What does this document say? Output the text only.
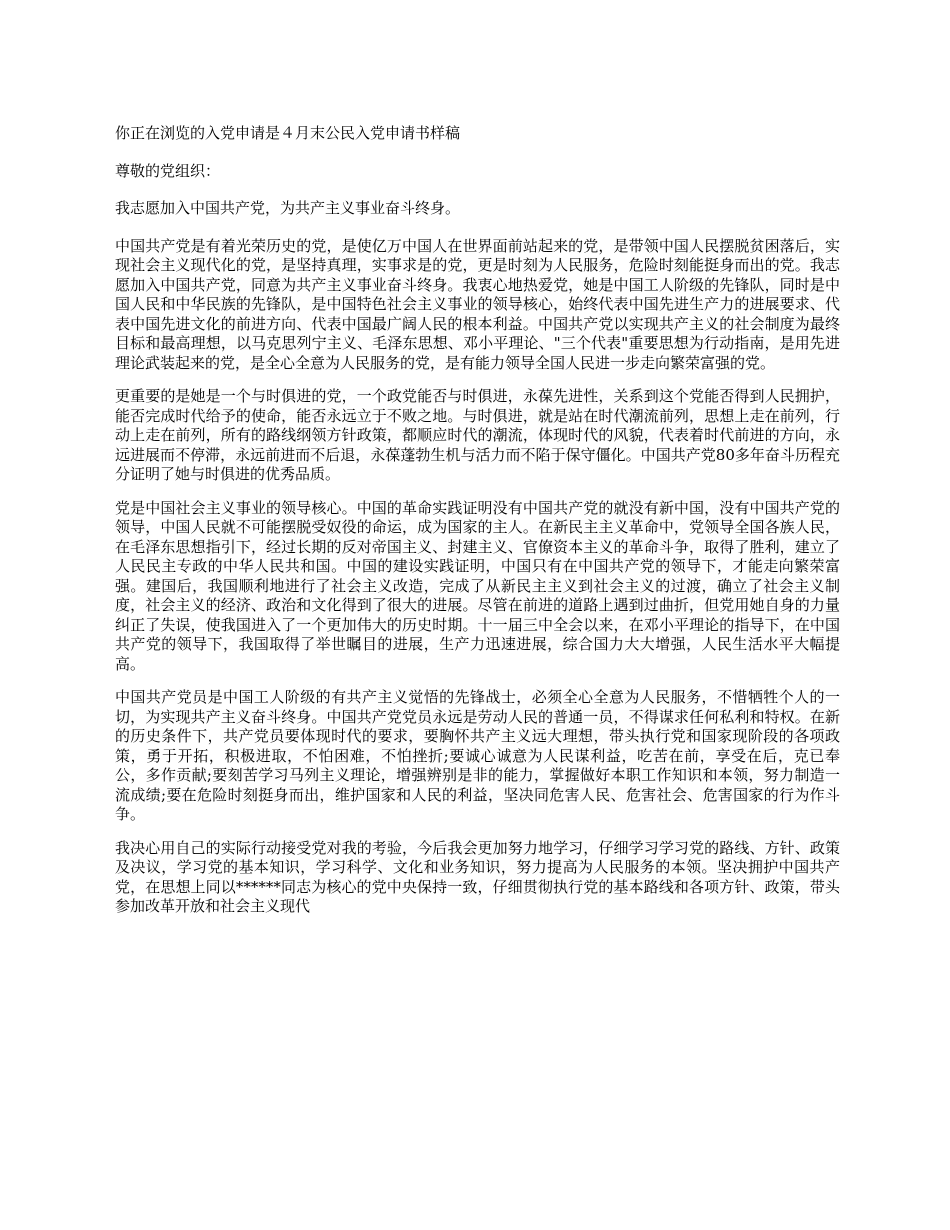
你正在浏览的入党申请是４月末公民入党申请书样稿

尊敬的党组织：

我志愿加入中国共产党，为共产主义事业奋斗终身。

中国共产党是有着光荣历史的党，是使亿万中国人在世界面前站起来的党，是带领中国人民摆脱贫困落后，实现社会主义现代化的党，是坚持真理，实事求是的党，更是时刻为人民服务，危险时刻能挺身而出的党。我志愿加入中国共产党，同意为共产主义事业奋斗终身。我衷心地热爱党，她是中国工人阶级的先锋队，同时是中国人民和中华民族的先锋队，是中国特色社会主义事业的领导核心，始终代表中国先进生产力的进展要求、代表中国先进文化的前进方向、代表中国最广阔人民的根本利益。中国共产党以实现共产主义的社会制度为最终目标和最高理想，以马克思列宁主义、毛泽东思想、邓小平理论、"三个代表"重要思想为行动指南，是用先进理论武装起来的党，是全心全意为人民服务的党，是有能力领导全国人民进一步走向繁荣富强的党。

更重要的是她是一个与时俱进的党，一个政党能否与时俱进，永葆先进性，关系到这个党能否得到人民拥护，能否完成时代给予的使命，能否永远立于不败之地。与时俱进，就是站在时代潮流前列，思想上走在前列，行动上走在前列，所有的路线纲领方针政策，都顺应时代的潮流，体现时代的风貌，代表着时代前进的方向，永远进展而不停滞，永远前进而不后退，永葆蓬勃生机与活力而不陷于保守僵化。中国共产党80多年奋斗历程充分证明了她与时俱进的优秀品质。

党是中国社会主义事业的领导核心。中国的革命实践证明没有中国共产党的就没有新中国，没有中国共产党的领导，中国人民就不可能摆脱受奴役的命运，成为国家的主人。在新民主主义革命中，党领导全国各族人民，在毛泽东思想指引下，经过长期的反对帝国主义、封建主义、官僚资本主义的革命斗争，取得了胜利，建立了人民民主专政的中华人民共和国。中国的建设实践证明，中国只有在中国共产党的领导下，才能走向繁荣富强。建国后，我国顺利地进行了社会主义改造，完成了从新民主主义到社会主义的过渡，确立了社会主义制度，社会主义的经济、政治和文化得到了很大的进展。尽管在前进的道路上遇到过曲折，但党用她自身的力量纠正了失误，使我国进入了一个更加伟大的历史时期。十一届三中全会以来，在邓小平理论的指导下，在中国共产党的领导下，我国取得了举世瞩目的进展，生产力迅速进展，综合国力大大增强，人民生活水平大幅提高。

中国共产党员是中国工人阶级的有共产主义觉悟的先锋战士，必须全心全意为人民服务，不惜牺牲个人的一切，为实现共产主义奋斗终身。中国共产党党员永远是劳动人民的普通一员，不得谋求任何私利和特权。在新的历史条件下，共产党员要体现时代的要求，要胸怀共产主义远大理想，带头执行党和国家现阶段的各项政策，勇于开拓，积极进取，不怕困难，不怕挫折;要诚心诚意为人民谋利益，吃苦在前，享受在后，克已奉公，多作贡献;要刻苦学习马列主义理论，增强辨别是非的能力，掌握做好本职工作知识和本领，努力制造一流成绩;要在危险时刻挺身而出，维护国家和人民的利益，坚决同危害人民、危害社会、危害国家的行为作斗争。

我决心用自己的实际行动接受党对我的考验，今后我会更加努力地学习，仔细学习学习党的路线、方针、政策及决议，学习党的基本知识，学习科学、文化和业务知识，努力提高为人民服务的本领。坚决拥护中国共产党，在思想上同以******同志为核心的党中央保持一致，仔细贯彻执行党的基本路线和各项方针、政策，带头参加改革开放和社会主义现代
